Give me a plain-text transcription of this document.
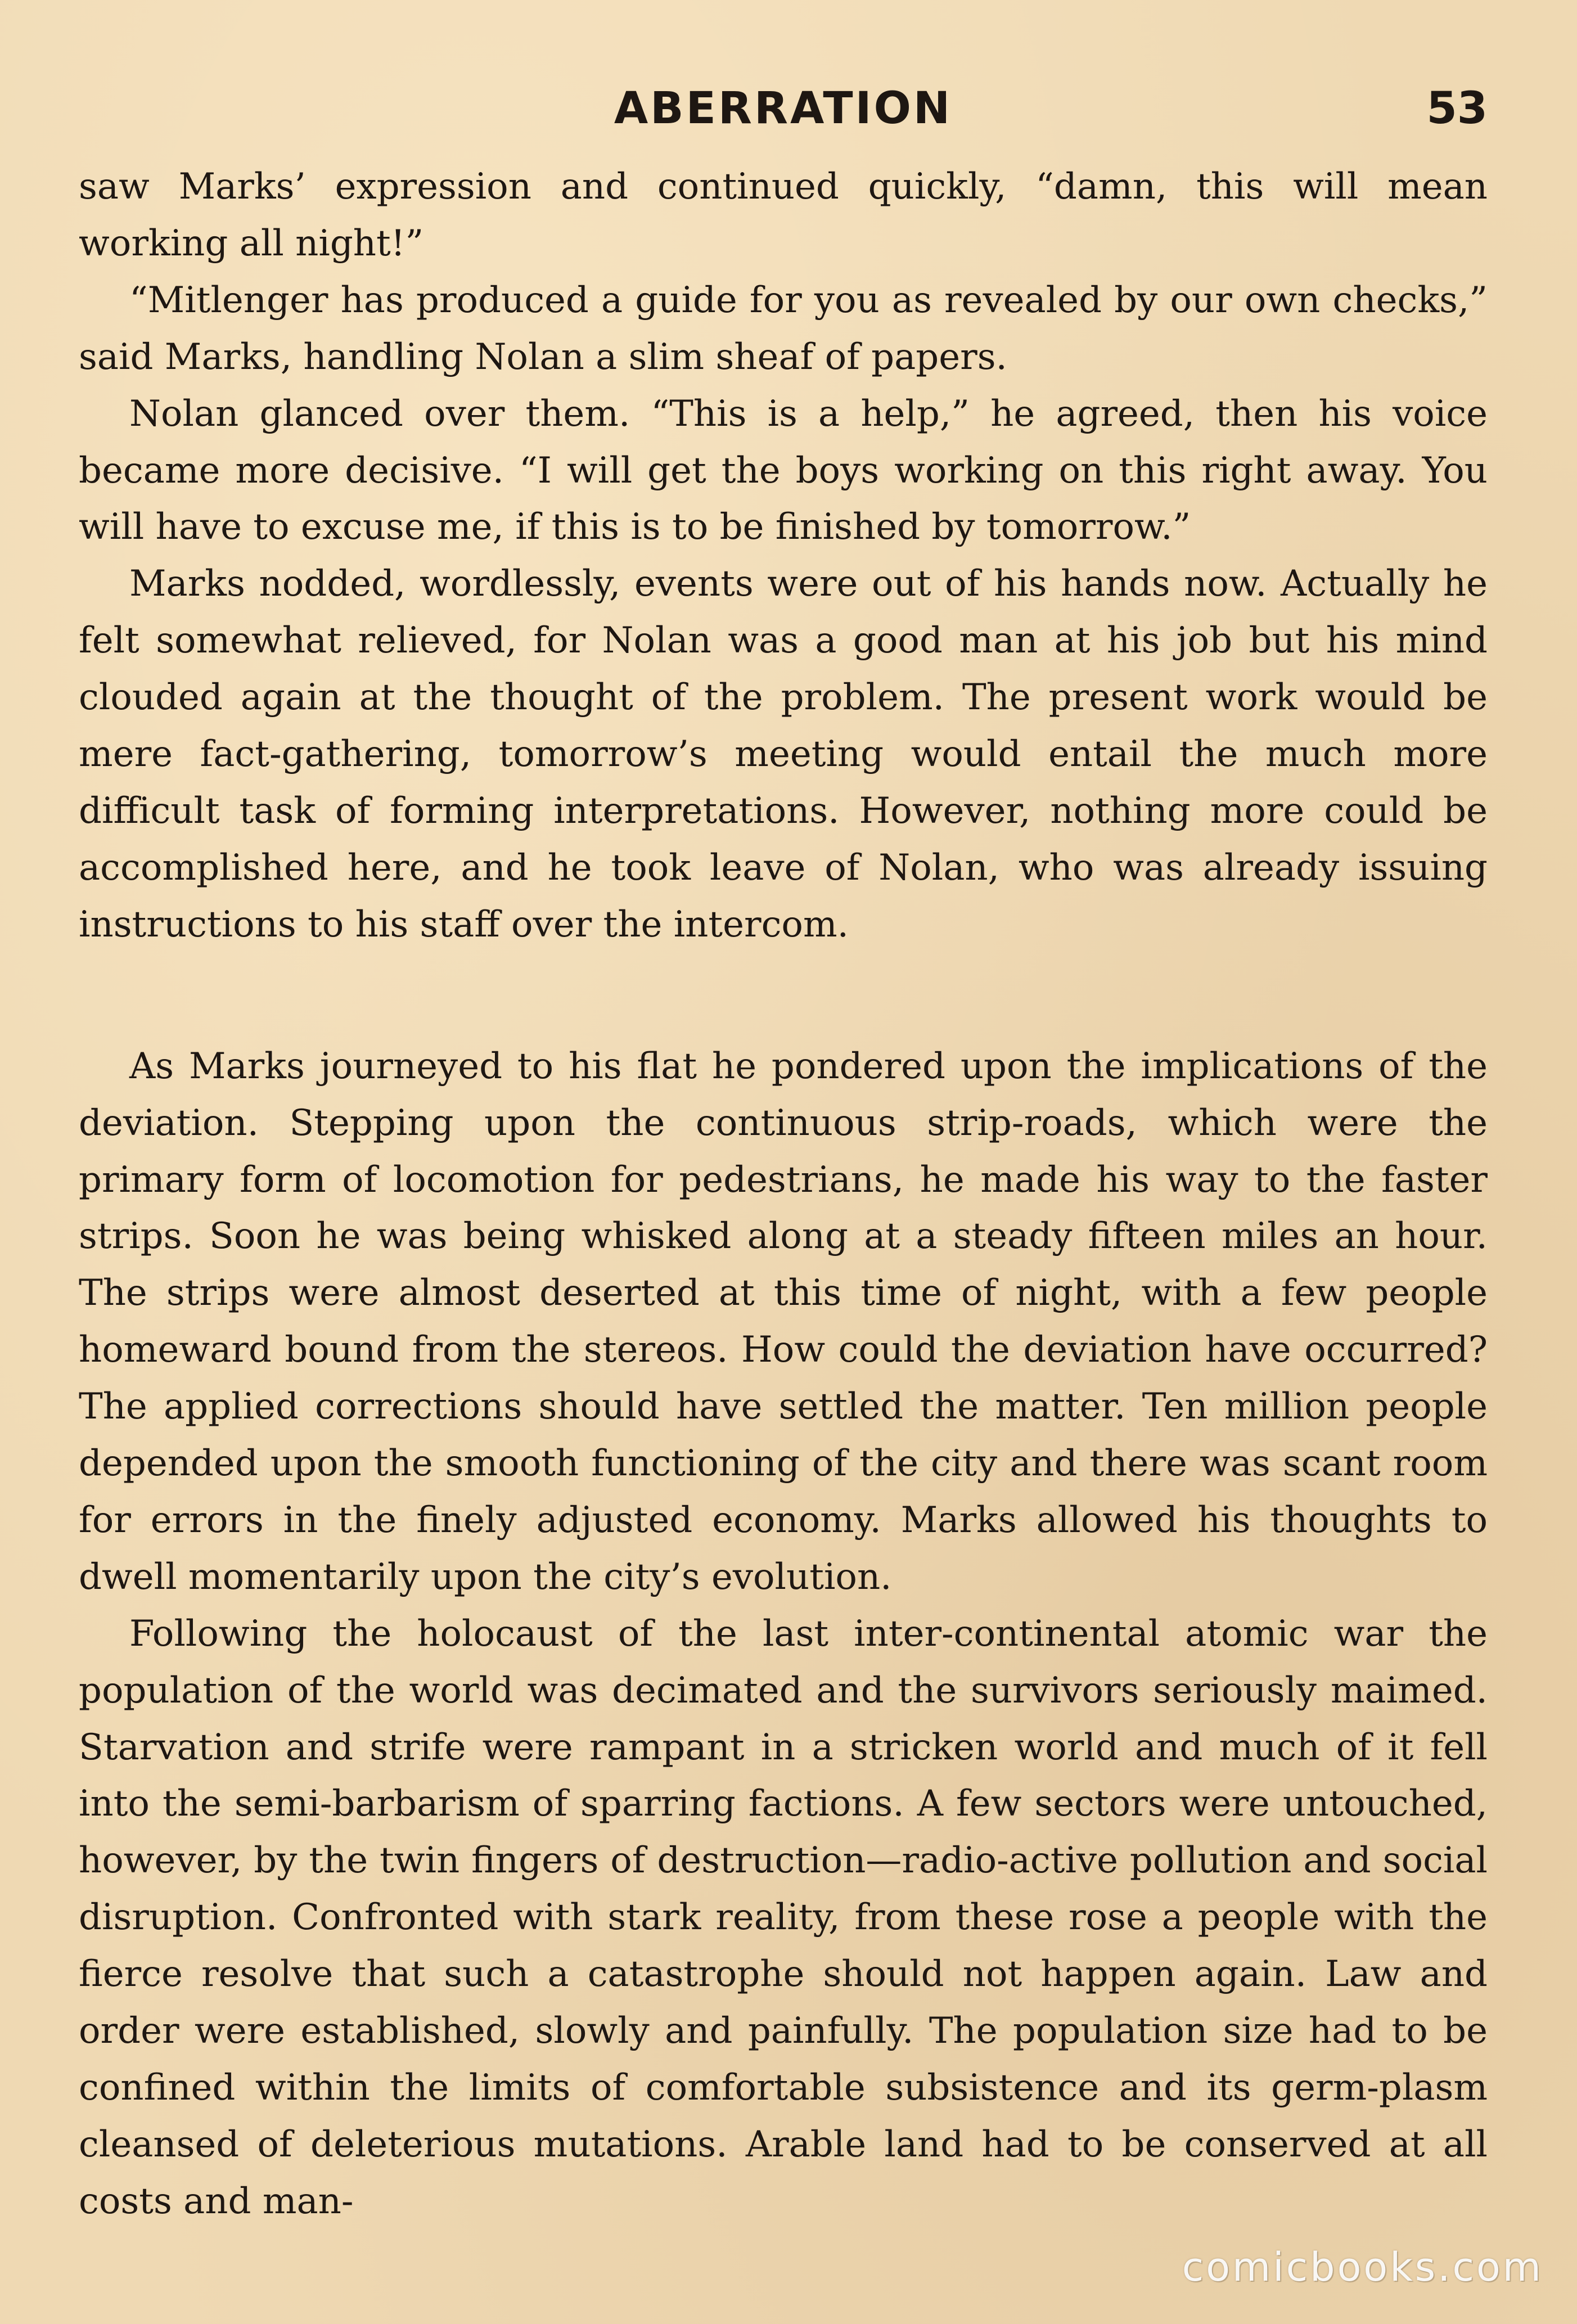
ABERRATION	53

saw Marks’ expression and continued quickly, “damn, this will mean working all night!”

“Mitlenger has produced a guide for you as revealed by our own checks,” said Marks, handling Nolan a slim sheaf of papers.

Nolan glanced over them. “This is a help,” he agreed, then his voice became more decisive. “I will get the boys working on this right away. You will have to excuse me, if this is to be finished by tomorrow.”

Marks nodded, wordlessly, events were out of his hands now. Actually he felt somewhat relieved, for Nolan was a good man at his job but his mind clouded again at the thought of the problem. The present work would be mere fact-gathering, tomorrow’s meeting would entail the much more difficult task of forming interpretations. However, nothing more could be accomplished here, and he took leave of Nolan, who was already issuing instructions to his staff over the intercom.

As Marks journeyed to his flat he pondered upon the implications of the deviation. Stepping upon the continuous strip-roads, which were the primary form of locomotion for pedestrians, he made his way to the faster strips. Soon he was being whisked along at a steady fifteen miles an hour. The strips were almost deserted at this time of night, with a few people homeward bound from the stereos. How could the deviation have occurred? The applied corrections should have settled the matter. Ten million people depended upon the smooth functioning of the city and there was scant room for errors in the finely adjusted economy. Marks allowed his thoughts to dwell momentarily upon the city’s evolution.

Following the holocaust of the last inter-continental atomic war the population of the world was decimated and the survivors seriously maimed. Starvation and strife were rampant in a stricken world and much of it fell into the semi-barbarism of sparring factions. A few sectors were untouched, however, by the twin fingers of destruction—radio-active pollution and social disruption. Confronted with stark reality, from these rose a people with the fierce resolve that such a catastrophe should not happen again. Law and order were established, slowly and painfully. The population size had to be confined within the limits of comfortable subsistence and its germ-plasm cleansed of deleterious mutations. Arable land had to be conserved at all costs and man-

comicbooks.com
